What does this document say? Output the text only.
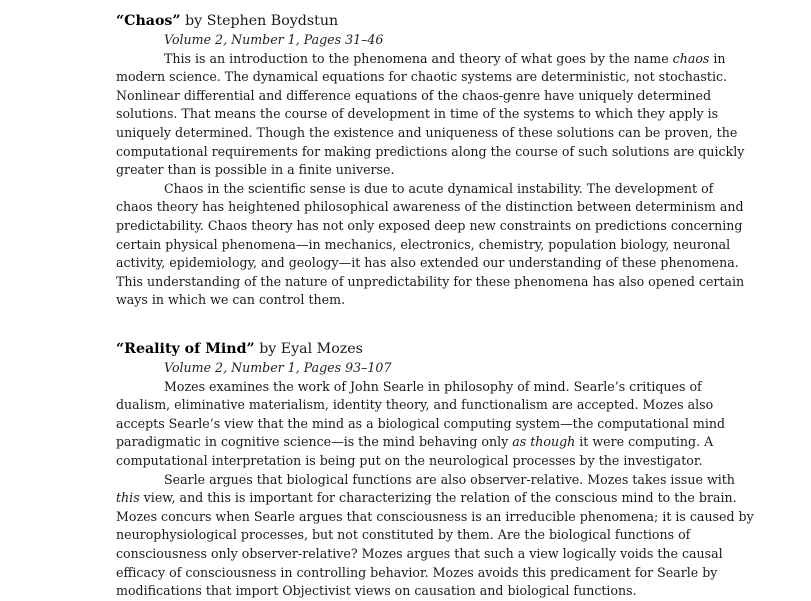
“Chaos” by Stephen Boydstun
Volume 2, Number 1, Pages 31–46

This is an introduction to the phenomena and theory of what goes by the name chaos in
modern science. The dynamical equations for chaotic systems are deterministic, not stochastic.
Nonlinear differential and difference equations of the chaos-genre have uniquely determined
solutions. That means the course of development in time of the systems to which they apply is
uniquely determined. Though the existence and uniqueness of these solutions can be proven, the
computational requirements for making predictions along the course of such solutions are quickly
greater than is possible in a finite universe.

Chaos in the scientific sense is due to acute dynamical instability. The development of
chaos theory has heightened philosophical awareness of the distinction between determinism and
predictability. Chaos theory has not only exposed deep new constraints on predictions concerning
certain physical phenomena—in mechanics, electronics, chemistry, population biology, neuronal
activity, epidemiology, and geology—it has also extended our understanding of these phenomena.
This understanding of the nature of unpredictability for these phenomena has also opened certain
ways in which we can control them.

“Reality of Mind” by Eyal Mozes
Volume 2, Number 1, Pages 93–107

Mozes examines the work of John Searle in philosophy of mind. Searle’s critiques of
dualism, eliminative materialism, identity theory, and functionalism are accepted. Mozes also
accepts Searle’s view that the mind as a biological computing system—the computational mind
paradigmatic in cognitive science—is the mind behaving only as though it were computing. A
computational interpretation is being put on the neurological processes by the investigator.

Searle argues that biological functions are also observer-relative. Mozes takes issue with
this view, and this is important for characterizing the relation of the conscious mind to the brain.
Mozes concurs when Searle argues that consciousness is an irreducible phenomena; it is caused by
neurophysiological processes, but not constituted by them. Are the biological functions of
consciousness only observer-relative? Mozes argues that such a view logically voids the causal
efficacy of consciousness in controlling behavior. Mozes avoids this predicament for Searle by
modifications that import Objectivist views on causation and biological functions.
